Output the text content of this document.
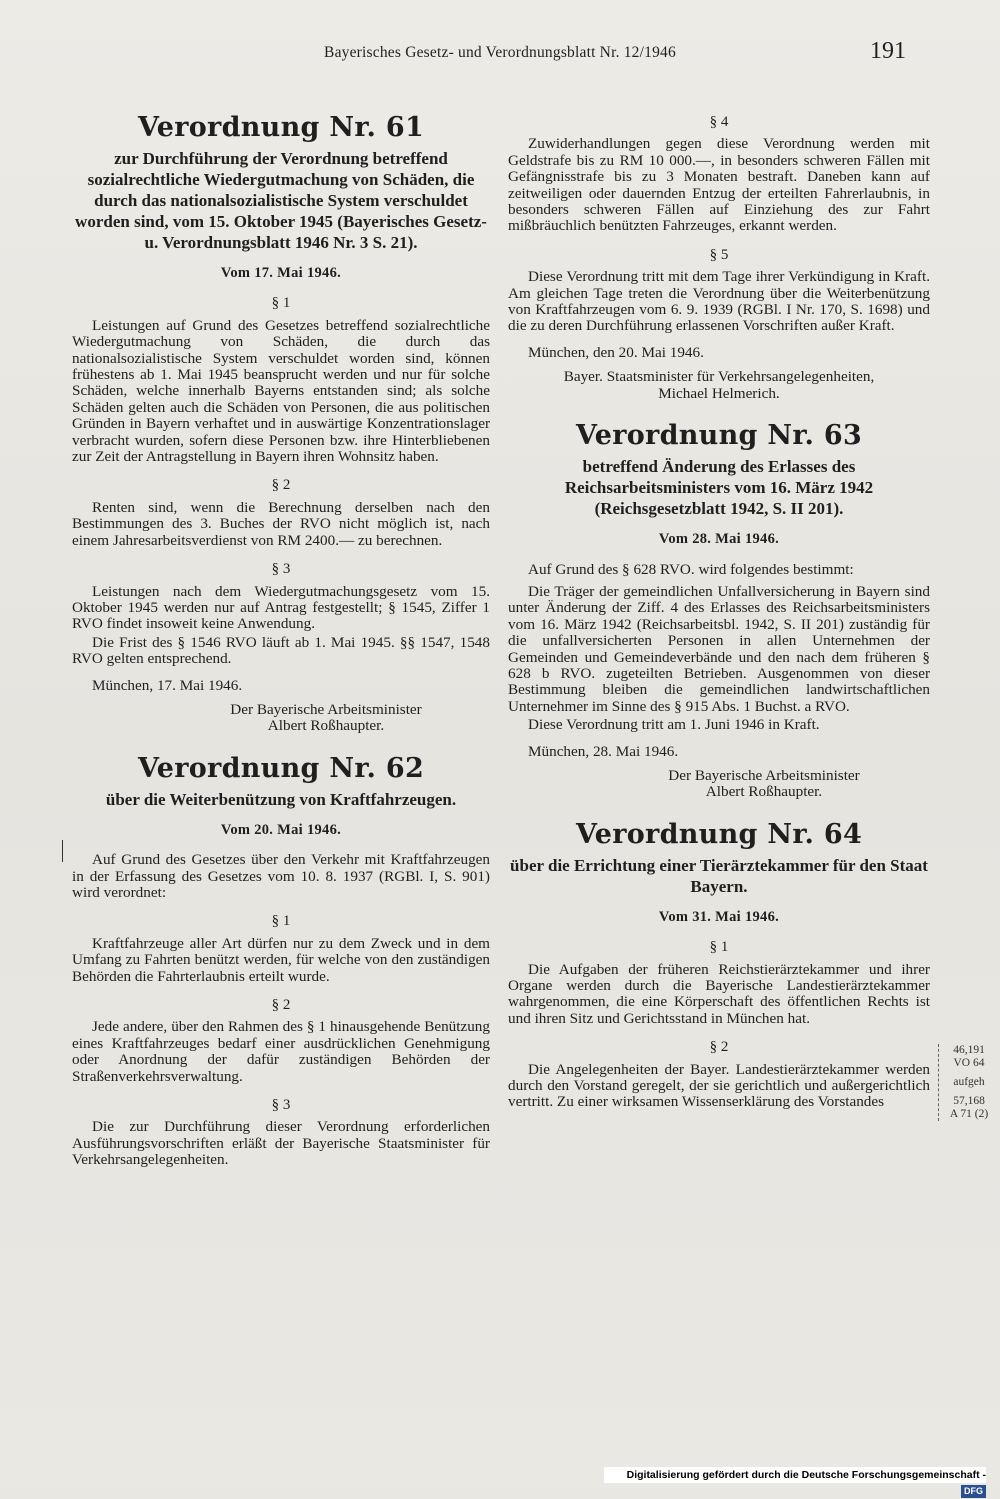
Bayerisches Gesetz- und Verordnungsblatt Nr. 12/1946	191
Verordnung Nr. 61

zur Durchführung der Verordnung betreffend sozialrechtliche Wiedergutmachung von Schäden, die durch das nationalsozialistische System verschuldet worden sind, vom 15. Oktober 1945 (Bayerisches Gesetz- u. Verordnungsblatt 1946 Nr. 3 S. 21).

Vom 17. Mai 1946.

§ 1

Leistungen auf Grund des Gesetzes betreffend sozialrechtliche Wiedergutmachung von Schäden, die durch das nationalsozialistische System verschuldet worden sind, können frühestens ab 1. Mai 1945 beansprucht werden und nur für solche Schäden, welche innerhalb Bayerns entstanden sind; als solche Schäden gelten auch die Schäden von Personen, die aus politischen Gründen in Bayern verhaftet und in auswärtige Konzentrationslager verbracht wurden, sofern diese Personen bzw. ihre Hinterbliebenen zur Zeit der Antragstellung in Bayern ihren Wohnsitz haben.

§ 2

Renten sind, wenn die Berechnung derselben nach den Bestimmungen des 3. Buches der RVO nicht möglich ist, nach einem Jahresarbeitsverdienst von RM 2400.— zu berechnen.

§ 3

Leistungen nach dem Wiedergutmachungsgesetz vom 15. Oktober 1945 werden nur auf Antrag festgestellt; § 1545, Ziffer 1 RVO findet insoweit keine Anwendung.

Die Frist des § 1546 RVO läuft ab 1. Mai 1945. §§ 1547, 1548 RVO gelten entsprechend.

München, 17. Mai 1946.

Der Bayerische Arbeitsminister

Albert Roßhaupter.

Verordnung Nr. 62

über die Weiterbenützung von Kraftfahrzeugen.

Vom 20. Mai 1946.

Auf Grund des Gesetzes über den Verkehr mit Kraftfahrzeugen in der Erfassung des Gesetzes vom 10. 8. 1937 (RGBl. I, S. 901) wird verordnet:

§ 1

Kraftfahrzeuge aller Art dürfen nur zu dem Zweck und in dem Umfang zu Fahrten benützt werden, für welche von den zuständigen Behörden die Fahrterlaubnis erteilt wurde.

§ 2

Jede andere, über den Rahmen des § 1 hinausgehende Benützung eines Kraftfahrzeuges bedarf einer ausdrücklichen Genehmigung oder Anordnung der dafür zuständigen Behörden der Straßenverkehrsverwaltung.

§ 3

Die zur Durchführung dieser Verordnung erforderlichen Ausführungsvorschriften erläßt der Bayerische Staatsminister für Verkehrsangelegenheiten.

§ 4

Zuwiderhandlungen gegen diese Verordnung werden mit Geldstrafe bis zu RM 10 000.—, in besonders schweren Fällen mit Gefängnisstrafe bis zu 3 Monaten bestraft. Daneben kann auf zeitweiligen oder dauernden Entzug der erteilten Fahrerlaubnis, in besonders schweren Fällen auf Einziehung des zur Fahrt mißbräuchlich benützten Fahrzeuges, erkannt werden.

§ 5

Diese Verordnung tritt mit dem Tage ihrer Verkündigung in Kraft. Am gleichen Tage treten die Verordnung über die Weiterbenützung von Kraftfahrzeugen vom 6. 9. 1939 (RGBl. I Nr. 170, S. 1698) und die zu deren Durchführung erlassenen Vorschriften außer Kraft.

München, den 20. Mai 1946.

Bayer. Staatsminister für Verkehrsangelegenheiten,

Michael Helmerich.

Verordnung Nr. 63

betreffend Änderung des Erlasses des Reichsarbeitsministers vom 16. März 1942 (Reichsgesetzblatt 1942, S. II 201).

Vom 28. Mai 1946.

Auf Grund des § 628 RVO. wird folgendes bestimmt:

Die Träger der gemeindlichen Unfallversicherung in Bayern sind unter Änderung der Ziff. 4 des Erlasses des Reichsarbeitsministers vom 16. März 1942 (Reichsarbeitsbl. 1942, S. II 201) zuständig für die unfallversicherten Personen in allen Unternehmen der Gemeinden und Gemeindeverbände und den nach dem früheren § 628 b RVO. zugeteilten Betrieben. Ausgenommen von dieser Bestimmung bleiben die gemeindlichen landwirtschaftlichen Unternehmer im Sinne des § 915 Abs. 1 Buchst. a RVO.

Diese Verordnung tritt am 1. Juni 1946 in Kraft.

München, 28. Mai 1946.

Der Bayerische Arbeitsminister

Albert Roßhaupter.

Verordnung Nr. 64

über die Errichtung einer Tierärztekammer für den Staat Bayern.

Vom 31. Mai 1946.

§ 1

Die Aufgaben der früheren Reichstierärztekammer und ihrer Organe werden durch die Bayerische Landestierärztekammer wahrgenommen, die eine Körperschaft des öffentlichen Rechts ist und ihren Sitz und Gerichtsstand in München hat.

§ 2

Die Angelegenheiten der Bayer. Landestierärztekammer werden durch den Vorstand geregelt, der sie gerichtlich und außergerichtlich vertritt. Zu einer wirksamen Wissenserklärung des Vorstandes

46,191
VO 64
aufgeh
57,168
A 71 (2)
Digitalisierung gefördert durch die Deutsche Forschungsgemeinschaft -DFG
